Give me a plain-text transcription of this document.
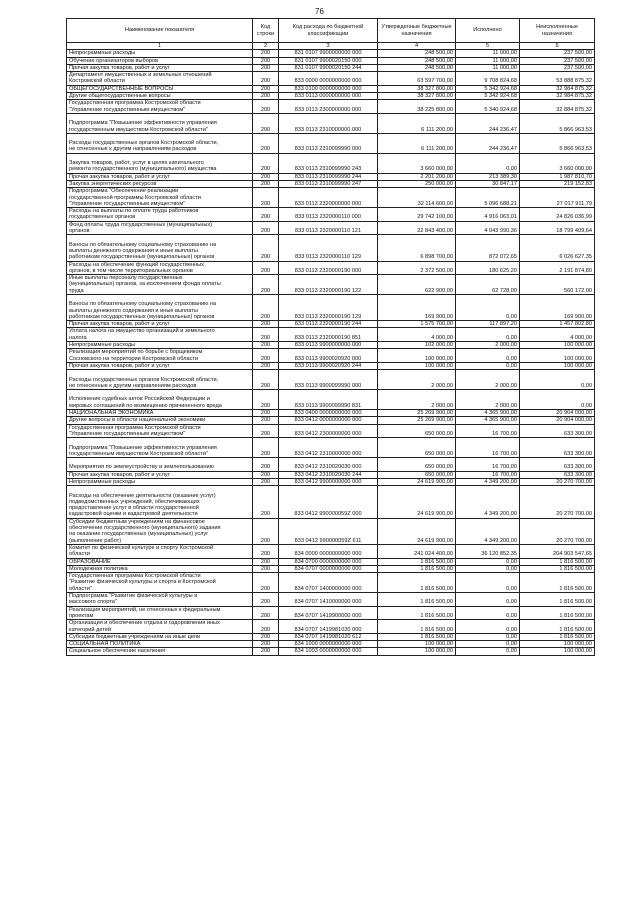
76
Наименование показателя	Код строки	Код расхода по бюджетной классификации	Утвержденные бюджетные назначения	Исполнено	Неисполненные назначения
1	2	3	4	5	6

Непрограммные расходы	200	831 0107 9900000000 000	248 500,00	11 000,00	237 500,00

Обучение организаторов выборов	200	831 0107 9900020150 000	248 500,00	11 000,00	237 500,00

Прочая закупка товаров, работ и услуг	200	831 0107 9900020150 244	248 500,00	11 000,00	237 500,00

Департамент имущественных и земельных отношений
Костромской области	200	833 0000 0000000000 000	63 597 700,00	9 708 824,68	53 888 875,32

ОБЩЕГОСУДАРСТВЕННЫЕ ВОПРОСЫ	200	833 0100 0000000000 000	38 327 800,00	5 342 924,68	32 984 875,32

Другие общегосударственные вопросы	200	833 0113 0000000000 000	38 327 800,00	5 342 924,68	32 984 875,32

Государственная программа Костромской области
"Управление государственным имуществом"	200	833 0113 2300000000 000	38 225 800,00	5 340 924,68	32 884 875,32

Подпрограмма "Повышение эффективности управления
государственным имуществом Костромской области"	200	833 0113 2310000000 000	6 111 200,00	244 236,47	5 866 963,53

Расходы государственных органов Костромской области,
не отнесенные к другим направлениям расходов	200	833 0113 2310099990 000	6 111 200,00	244 236,47	5 866 963,53

Закупка товаров, работ, услуг в целях капитального
ремонта государственного (муниципального) имущества	200	833 0113 2310099990 243	3 660 000,00	0,00	3 660 000,00

Прочая закупка товаров, работ и услуг	200	833 0113 2310099990 244	2 201 200,00	213 389,30	1 987 810,70

Закупка энергетических ресурсов	200	833 0113 2310099990 247	250 000,00	30 847,17	219 152,83

Подпрограмма "Обеспечение реализации
государственной программы Костромской области
"Управление государственным имуществом"	200	833 0113 2320000000 000	32 114 600,00	5 096 688,21	27 017 911,79

Расходы на выплаты по оплате труда работников
государственных органов	200	833 0113 2320000110 000	29 742 100,00	4 916 063,01	24 826 036,99

Фонд оплаты труда государственных (муниципальных)
органов	200	833 0113 2320000110 121	22 843 400,00	4 043 990,36	18 799 409,64

Взносы по обязательному социальному страхованию на
выплаты денежного содержания и иные выплаты
работникам государственных (муниципальных) органов	200	833 0113 2320000110 129	6 898 700,00	872 072,65	6 026 627,35

Расходы на обеспечение функций государственных
органов, в том числе территориальных органов	200	833 0113 2320000190 000	2 372 500,00	180 625,20	2 191 874,80

Иные выплаты персоналу государственных
(муниципальных) органов, за исключением фонда оплаты
труда	200	833 0113 2320000190 122	622 900,00	62 728,00	560 172,00

Взносы по обязательному социальному страхованию на
выплаты денежного содержания и иные выплаты
работникам государственных (муниципальных) органов	200	833 0113 2320000190 129	169 900,00	0,00	169 900,00

Прочая закупка товаров, работ и услуг	200	833 0113 2320000190 244	1 575 700,00	117 897,20	1 457 802,80

Уплата налога на имущество организаций и земельного
налога	200	833 0113 2320000190 851	4 000,00	0,00	4 000,00

Непрограммные расходы	200	833 0113 9900000000 000	102 000,00	2 000,00	100 000,00

Реализация мероприятий по борьбе с борщевиком
Сосновского на территории Костромской области	200	833 0113 9900020920 000	100 000,00	0,00	100 000,00

Прочая закупка товаров, работ и услуг	200	833 0113 9900020920 244	100 000,00	0,00	100 000,00

Расходы государственных органов Костромской области,
не отнесенные к другим направлениям расходов	200	833 0113 9900099990 000	2 000,00	2 000,00	0,00

Исполнение судебных актов Российской Федерации и
мировых соглашений по возмещению причиненного вреда	200	833 0113 9900099990 831	2 000,00	2 000,00	0,00

НАЦИОНАЛЬНАЯ ЭКОНОМИКА	200	833 0400 0000000000 000	25 269 900,00	4 365 900,00	20 904 000,00

Другие вопросы в области национальной экономики	200	833 0412 0000000000 000	25 269 900,00	4 365 900,00	20 904 000,00

Государственная программа Костромской области
"Управление государственным имуществом"	200	833 0412 2300000000 000	650 000,00	16 700,00	633 300,00

Подпрограмма "Повышение эффективности управления
государственным имуществом Костромской области"	200	833 0412 2310000000 000	650 000,00	16 700,00	633 300,00

Мероприятия по землеустройству и землепользованию	200	833 0412 2310020030 000	650 000,00	16 700,00	633 300,00

Прочая закупка товаров, работ и услуг	200	833 0412 2310020030 244	650 000,00	16 700,00	633 300,00

Непрограммные расходы	200	833 0412 9900000000 000	24 619 900,00	4 349 200,00	20 270 700,00

Расходы на обеспечение деятельности (оказание услуг)
подведомственных учреждений, обеспечивающих
предоставление услуг в области государственной
кадастровой оценки и кадастровой деятельности	200	833 0412 990000059Z 000	24 619 900,00	4 349 200,00	20 270 700,00

Субсидии бюджетным учреждениям на финансовое
обеспечение государственного (муниципального) задания
на оказание государственных (муниципальных) услуг
(выполнение работ)	200	833 0412 990000059Z 611	24 619 900,00	4 349 200,00	20 270 700,00

Комитет по физической культуре и спорту Костромской
области	200	834 0000 0000000000 000	241 024 400,00	36 120 852,35	204 903 547,65

ОБРАЗОВАНИЕ	200	834 0700 0000000000 000	1 816 500,00	0,00	1 816 500,00

Молодежная политика	200	834 0707 0000000000 000	1 816 500,00	0,00	1 816 500,00

Государственная программа Костромской области
"Развитие физической культуры и спорта в Костромской
области"	200	834 0707 1400000000 000	1 816 500,00	0,00	1 816 500,00

Подпрограмма "Развитие физической культуры и
массового спорта"	200	834 0707 1410000000 000	1 816 500,00	0,00	1 816 500,00

Реализация мероприятий, не отнесенных к федеральным
проектам	200	834 0707 1419900000 000	1 816 500,00	0,00	1 816 500,00

Организация и обеспечение отдыха и оздоровления иных
категорий детей	200	834 0707 1419981020 000	1 816 500,00	0,00	1 816 500,00

Субсидии бюджетным учреждениям на иные цели	200	834 0707 1419981020 612	1 816 500,00	0,00	1 816 500,00

СОЦИАЛЬНАЯ ПОЛИТИКА	200	834 1000 0000000000 000	100 000,00	0,00	100 000,00

Социальное обеспечение населения	200	834 1003 0000000000 000	100 000,00	0,00	100 000,00
